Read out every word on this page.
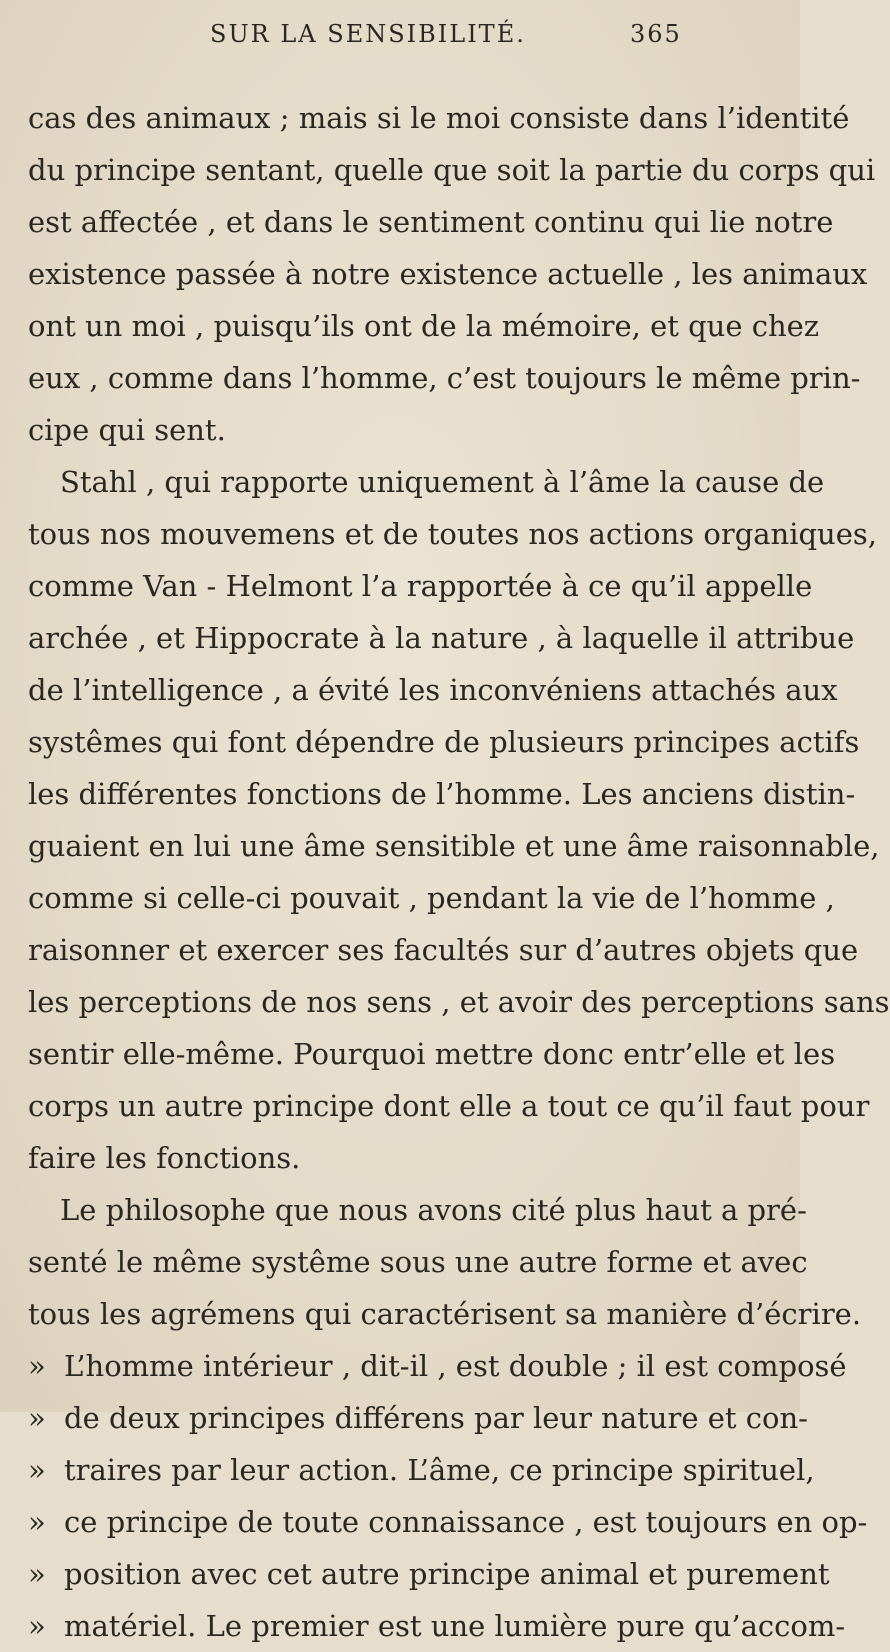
SUR LA SENSIBILITÉ.	365
cas des animaux ; mais si le moi consiste dans l’identité
du principe sentant, quelle que soit la partie du corps qui
est affectée , et dans le sentiment continu qui lie notre
existence passée à notre existence actuelle , les animaux
ont un moi , puisqu’ils ont de la mémoire, et que chez
eux , comme dans l’homme, c’est toujours le même prin-
cipe qui sent.
Stahl , qui rapporte uniquement à l’âme la cause de
tous nos mouvemens et de toutes nos actions organiques,
comme Van - Helmont l’a rapportée à ce qu’il appelle
archée , et Hippocrate à la nature , à laquelle il attribue
de l’intelligence , a évité les inconvéniens attachés aux
systêmes qui font dépendre de plusieurs principes actifs
les différentes fonctions de l’homme. Les anciens distin-
guaient en lui une âme sensitible et une âme raisonnable,
comme si celle-ci pouvait , pendant la vie de l’homme ,
raisonner et exercer ses facultés sur d’autres objets que
les perceptions de nos sens , et avoir des perceptions sans
sentir elle-même. Pourquoi mettre donc entr’elle et les
corps un autre principe dont elle a tout ce qu’il faut pour
faire les fonctions.
Le philosophe que nous avons cité plus haut a pré-
senté le même systême sous une autre forme et avec
tous les agrémens qui caractérisent sa manière d’écrire.
» L’homme intérieur , dit-il , est double ; il est composé
» de deux principes différens par leur nature et con-
» traires par leur action. L’âme, ce principe spirituel,
» ce principe de toute connaissance , est toujours en op-
» position avec cet autre principe animal et purement
» matériel. Le premier est une lumière pure qu’accom-
